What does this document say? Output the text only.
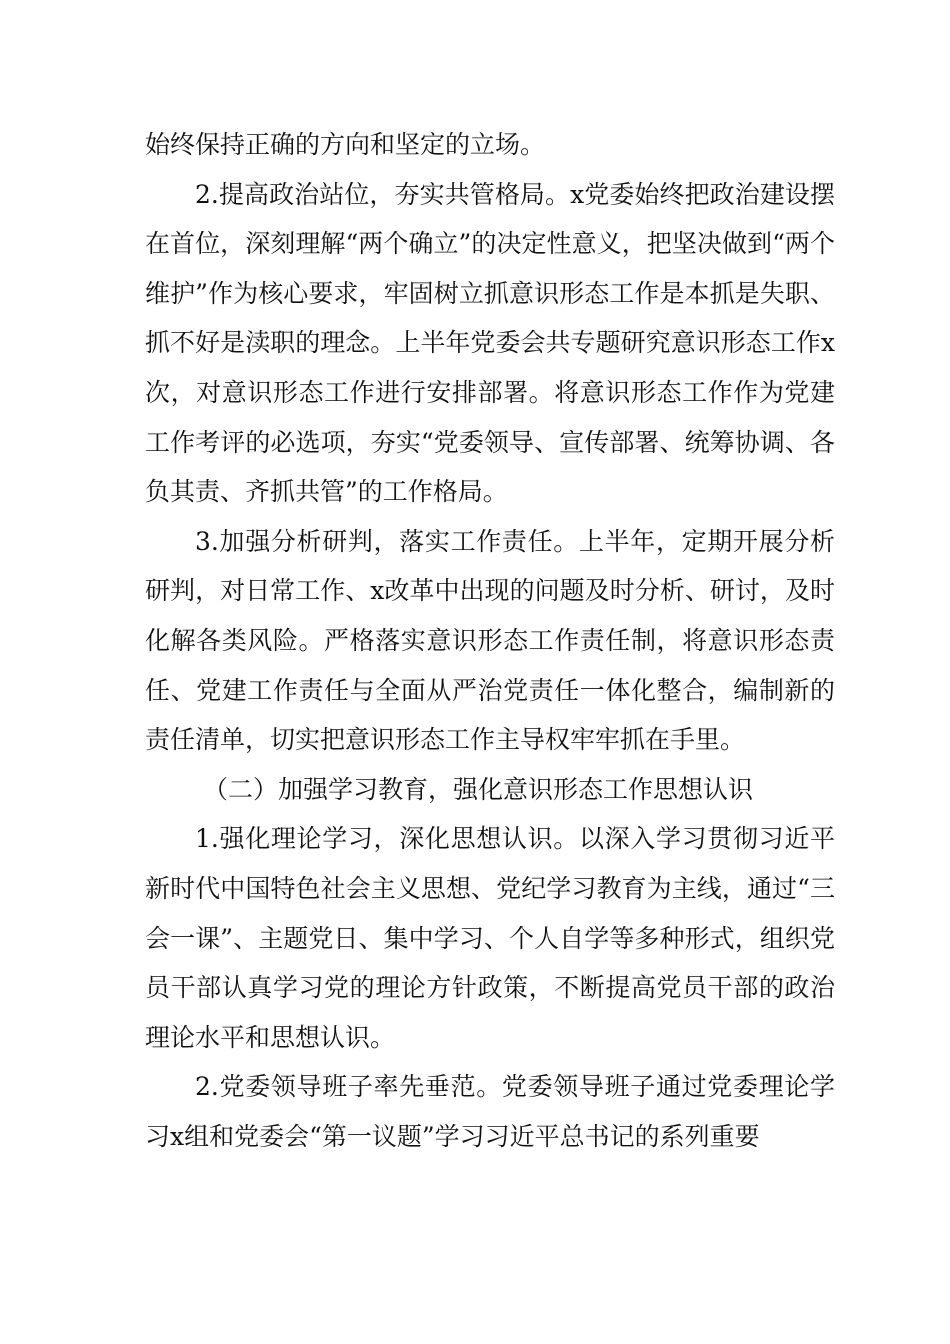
始终保持正确的方向和坚定的立场。

2.提高政治站位，夯实共管格局。x党委始终把政治建设摆在首位，深刻理解“两个确立”的决定性意义，把坚决做到“两个维护”作为核心要求，牢固树立抓意识形态工作是本抓是失职、抓不好是渎职的理念。上半年党委会共专题研究意识形态工作x次，对意识形态工作进行安排部署。将意识形态工作作为党建工作考评的必选项，夯实“党委领导、宣传部署、统筹协调、各负其责、齐抓共管”的工作格局。

3.加强分析研判，落实工作责任。上半年，定期开展分析研判，对日常工作、x改革中出现的问题及时分析、研讨，及时化解各类风险。严格落实意识形态工作责任制，将意识形态责任、党建工作责任与全面从严治党责任一体化整合，编制新的责任清单，切实把意识形态工作主导权牢牢抓在手里。

（二）加强学习教育，强化意识形态工作思想认识

1.强化理论学习，深化思想认识。以深入学习贯彻习近平新时代中国特色社会主义思想、党纪学习教育为主线，通过“三会一课”、主题党日、集中学习、个人自学等多种形式，组织党员干部认真学习党的理论方针政策，不断提高党员干部的政治理论水平和思想认识。

2.党委领导班子率先垂范。党委领导班子通过党委理论学习x组和党委会“第一议题”学习习近平总书记的系列重要
